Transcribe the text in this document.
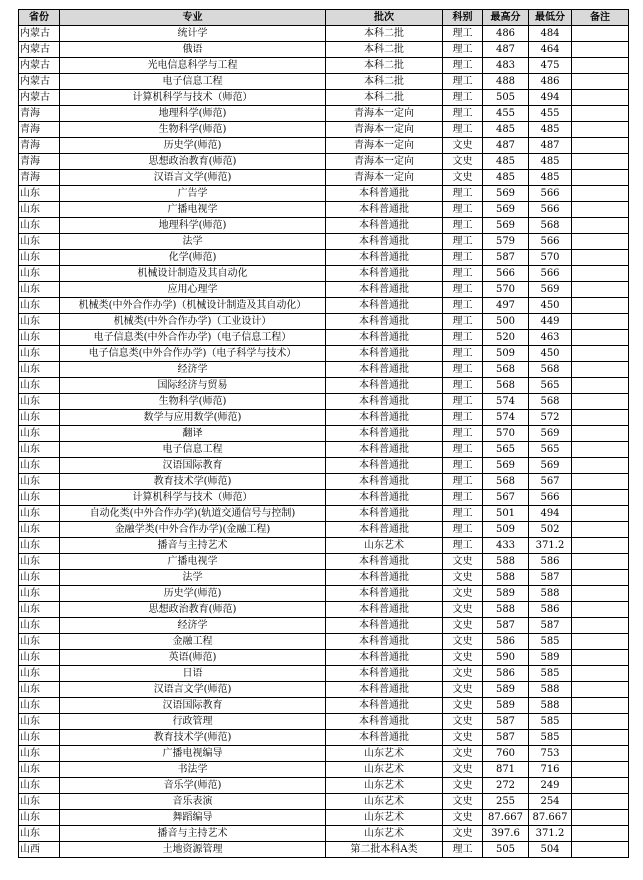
省份	专业	批次	科别	最高分	最低分	备注
内蒙古	统计学	本科二批	理工	486	484	
内蒙古	俄语	本科二批	理工	487	464	
内蒙古	光电信息科学与工程	本科二批	理工	483	475	
内蒙古	电子信息工程	本科二批	理工	488	486	
内蒙古	计算机科学与技术（师范）	本科二批	理工	505	494	
青海	地理科学(师范)	青海本一定向	理工	455	455	
青海	生物科学(师范)	青海本一定向	理工	485	485	
青海	历史学(师范)	青海本一定向	文史	487	487	
青海	思想政治教育(师范)	青海本一定向	文史	485	485	
青海	汉语言文学(师范)	青海本一定向	文史	485	485	
山东	广告学	本科普通批	理工	569	566	
山东	广播电视学	本科普通批	理工	569	566	
山东	地理科学(师范)	本科普通批	理工	569	568	
山东	法学	本科普通批	理工	579	566	
山东	化学(师范)	本科普通批	理工	587	570	
山东	机械设计制造及其自动化	本科普通批	理工	566	566	
山东	应用心理学	本科普通批	理工	570	569	
山东	机械类(中外合作办学)（机械设计制造及其自动化）	本科普通批	理工	497	450	
山东	机械类(中外合作办学)（工业设计）	本科普通批	理工	500	449	
山东	电子信息类(中外合作办学)（电子信息工程）	本科普通批	理工	520	463	
山东	电子信息类(中外合作办学)（电子科学与技术）	本科普通批	理工	509	450	
山东	经济学	本科普通批	理工	568	568	
山东	国际经济与贸易	本科普通批	理工	568	565	
山东	生物科学(师范)	本科普通批	理工	574	568	
山东	数学与应用数学(师范)	本科普通批	理工	574	572	
山东	翻译	本科普通批	理工	570	569	
山东	电子信息工程	本科普通批	理工	565	565	
山东	汉语国际教育	本科普通批	理工	569	569	
山东	教育技术学(师范)	本科普通批	理工	568	567	
山东	计算机科学与技术（师范）	本科普通批	理工	567	566	
山东	自动化类(中外合作办学)(轨道交通信号与控制)	本科普通批	理工	501	494	
山东	金融学类(中外合作办学)(金融工程)	本科普通批	理工	509	502	
山东	播音与主持艺术	山东艺术	理工	433	371.2	
山东	广播电视学	本科普通批	文史	588	586	
山东	法学	本科普通批	文史	588	587	
山东	历史学(师范)	本科普通批	文史	589	588	
山东	思想政治教育(师范)	本科普通批	文史	588	586	
山东	经济学	本科普通批	文史	587	587	
山东	金融工程	本科普通批	文史	586	585	
山东	英语(师范)	本科普通批	文史	590	589	
山东	日语	本科普通批	文史	586	585	
山东	汉语言文学(师范)	本科普通批	文史	589	588	
山东	汉语国际教育	本科普通批	文史	589	588	
山东	行政管理	本科普通批	文史	587	585	
山东	教育技术学(师范)	本科普通批	文史	587	585	
山东	广播电视编导	山东艺术	文史	760	753	
山东	书法学	山东艺术	文史	871	716	
山东	音乐学(师范)	山东艺术	文史	272	249	
山东	音乐表演	山东艺术	文史	255	254	
山东	舞蹈编导	山东艺术	文史	87.667	87.667	
山东	播音与主持艺术	山东艺术	文史	397.6	371.2	
山西	土地资源管理	第二批本科A类	理工	505	504	
